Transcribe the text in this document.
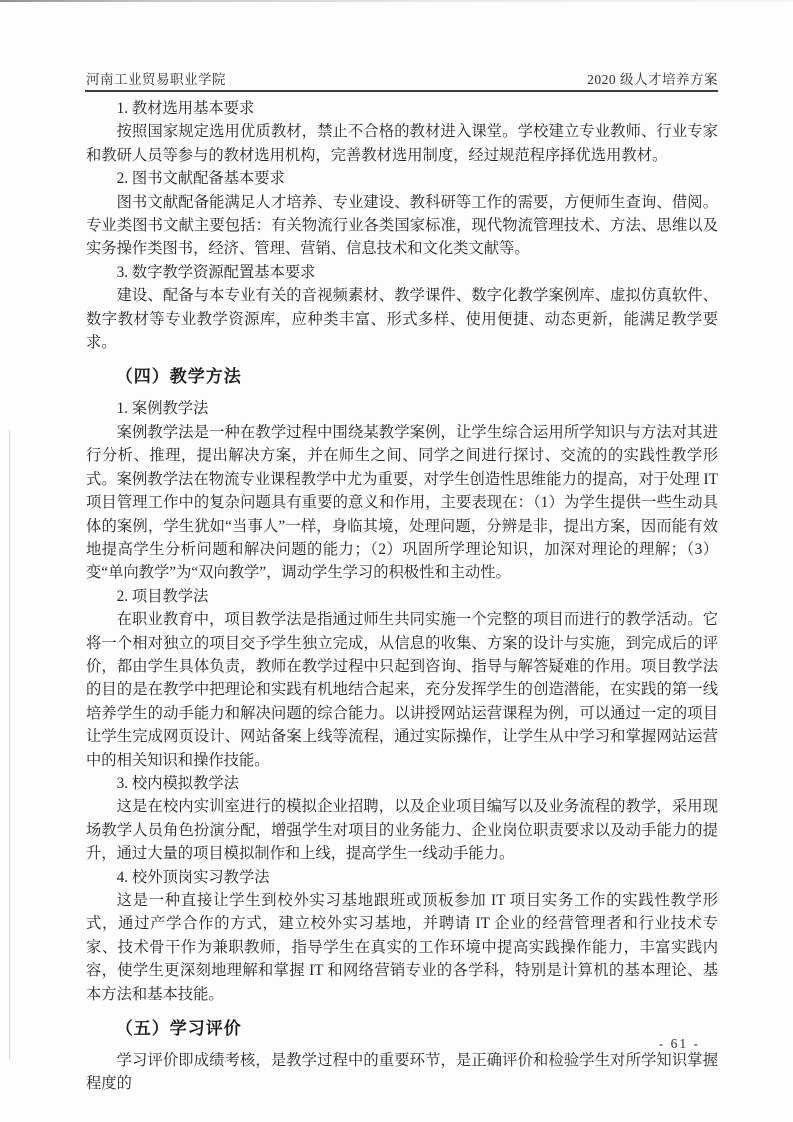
河南工业贸易职业学院	2020 级人才培养方案

1. 教材选用基本要求

按照国家规定选用优质教材，禁止不合格的教材进入课堂。学校建立专业教师、行业专家和教研人员等参与的教材选用机构，完善教材选用制度，经过规范程序择优选用教材。

2. 图书文献配备基本要求

图书文献配备能满足人才培养、专业建设、教科研等工作的需要，方便师生查询、借阅。专业类图书文献主要包括：有关物流行业各类国家标准，现代物流管理技术、方法、思维以及实务操作类图书，经济、管理、营销、信息技术和文化类文献等。

3. 数字教学资源配置基本要求

建设、配备与本专业有关的音视频素材、教学课件、数字化教学案例库、虚拟仿真软件、数字教材等专业教学资源库，应种类丰富、形式多样、使用便捷、动态更新，能满足教学要求。

（四）教学方法

1. 案例教学法

案例教学法是一种在教学过程中围绕某教学案例，让学生综合运用所学知识与方法对其进行分析、推理，提出解决方案，并在师生之间、同学之间进行探讨、交流的的实践性教学形式。案例教学法在物流专业课程教学中尤为重要，对学生创造性思维能力的提高，对于处理 IT 项目管理工作中的复杂问题具有重要的意义和作用，主要表现在：（1）为学生提供一些生动具体的案例，学生犹如“当事人”一样，身临其境，处理问题，分辨是非，提出方案，因而能有效地提高学生分析问题和解决问题的能力；（2）巩固所学理论知识，加深对理论的理解；（3）变“单向教学”为“双向教学”，调动学生学习的积极性和主动性。

2. 项目教学法

在职业教育中，项目教学法是指通过师生共同实施一个完整的项目而进行的教学活动。它将一个相对独立的项目交予学生独立完成，从信息的收集、方案的设计与实施，到完成后的评价，都由学生具体负责，教师在教学过程中只起到咨询、指导与解答疑难的作用。项目教学法的目的是在教学中把理论和实践有机地结合起来，充分发挥学生的创造潜能，在实践的第一线培养学生的动手能力和解决问题的综合能力。以讲授网站运营课程为例，可以通过一定的项目让学生完成网页设计、网站备案上线等流程，通过实际操作，让学生从中学习和掌握网站运营中的相关知识和操作技能。

3. 校内模拟教学法

这是在校内实训室进行的模拟企业招聘，以及企业项目编写以及业务流程的教学，采用现场教学人员角色扮演分配，增强学生对项目的业务能力、企业岗位职责要求以及动手能力的提升，通过大量的项目模拟制作和上线，提高学生一线动手能力。

4. 校外顶岗实习教学法

这是一种直接让学生到校外实习基地跟班或顶板参加 IT 项目实务工作的实践性教学形式，通过产学合作的方式，建立校外实习基地，并聘请 IT 企业的经营管理者和行业技术专家、技术骨干作为兼职教师，指导学生在真实的工作环境中提高实践操作能力，丰富实践内容，使学生更深刻地理解和掌握 IT 和网络营销专业的各学科，特别是计算机的基本理论、基本方法和基本技能。

（五）学习评价

学习评价即成绩考核，是教学过程中的重要环节，是正确评价和检验学生对所学知识掌握程度的

- 61 -
